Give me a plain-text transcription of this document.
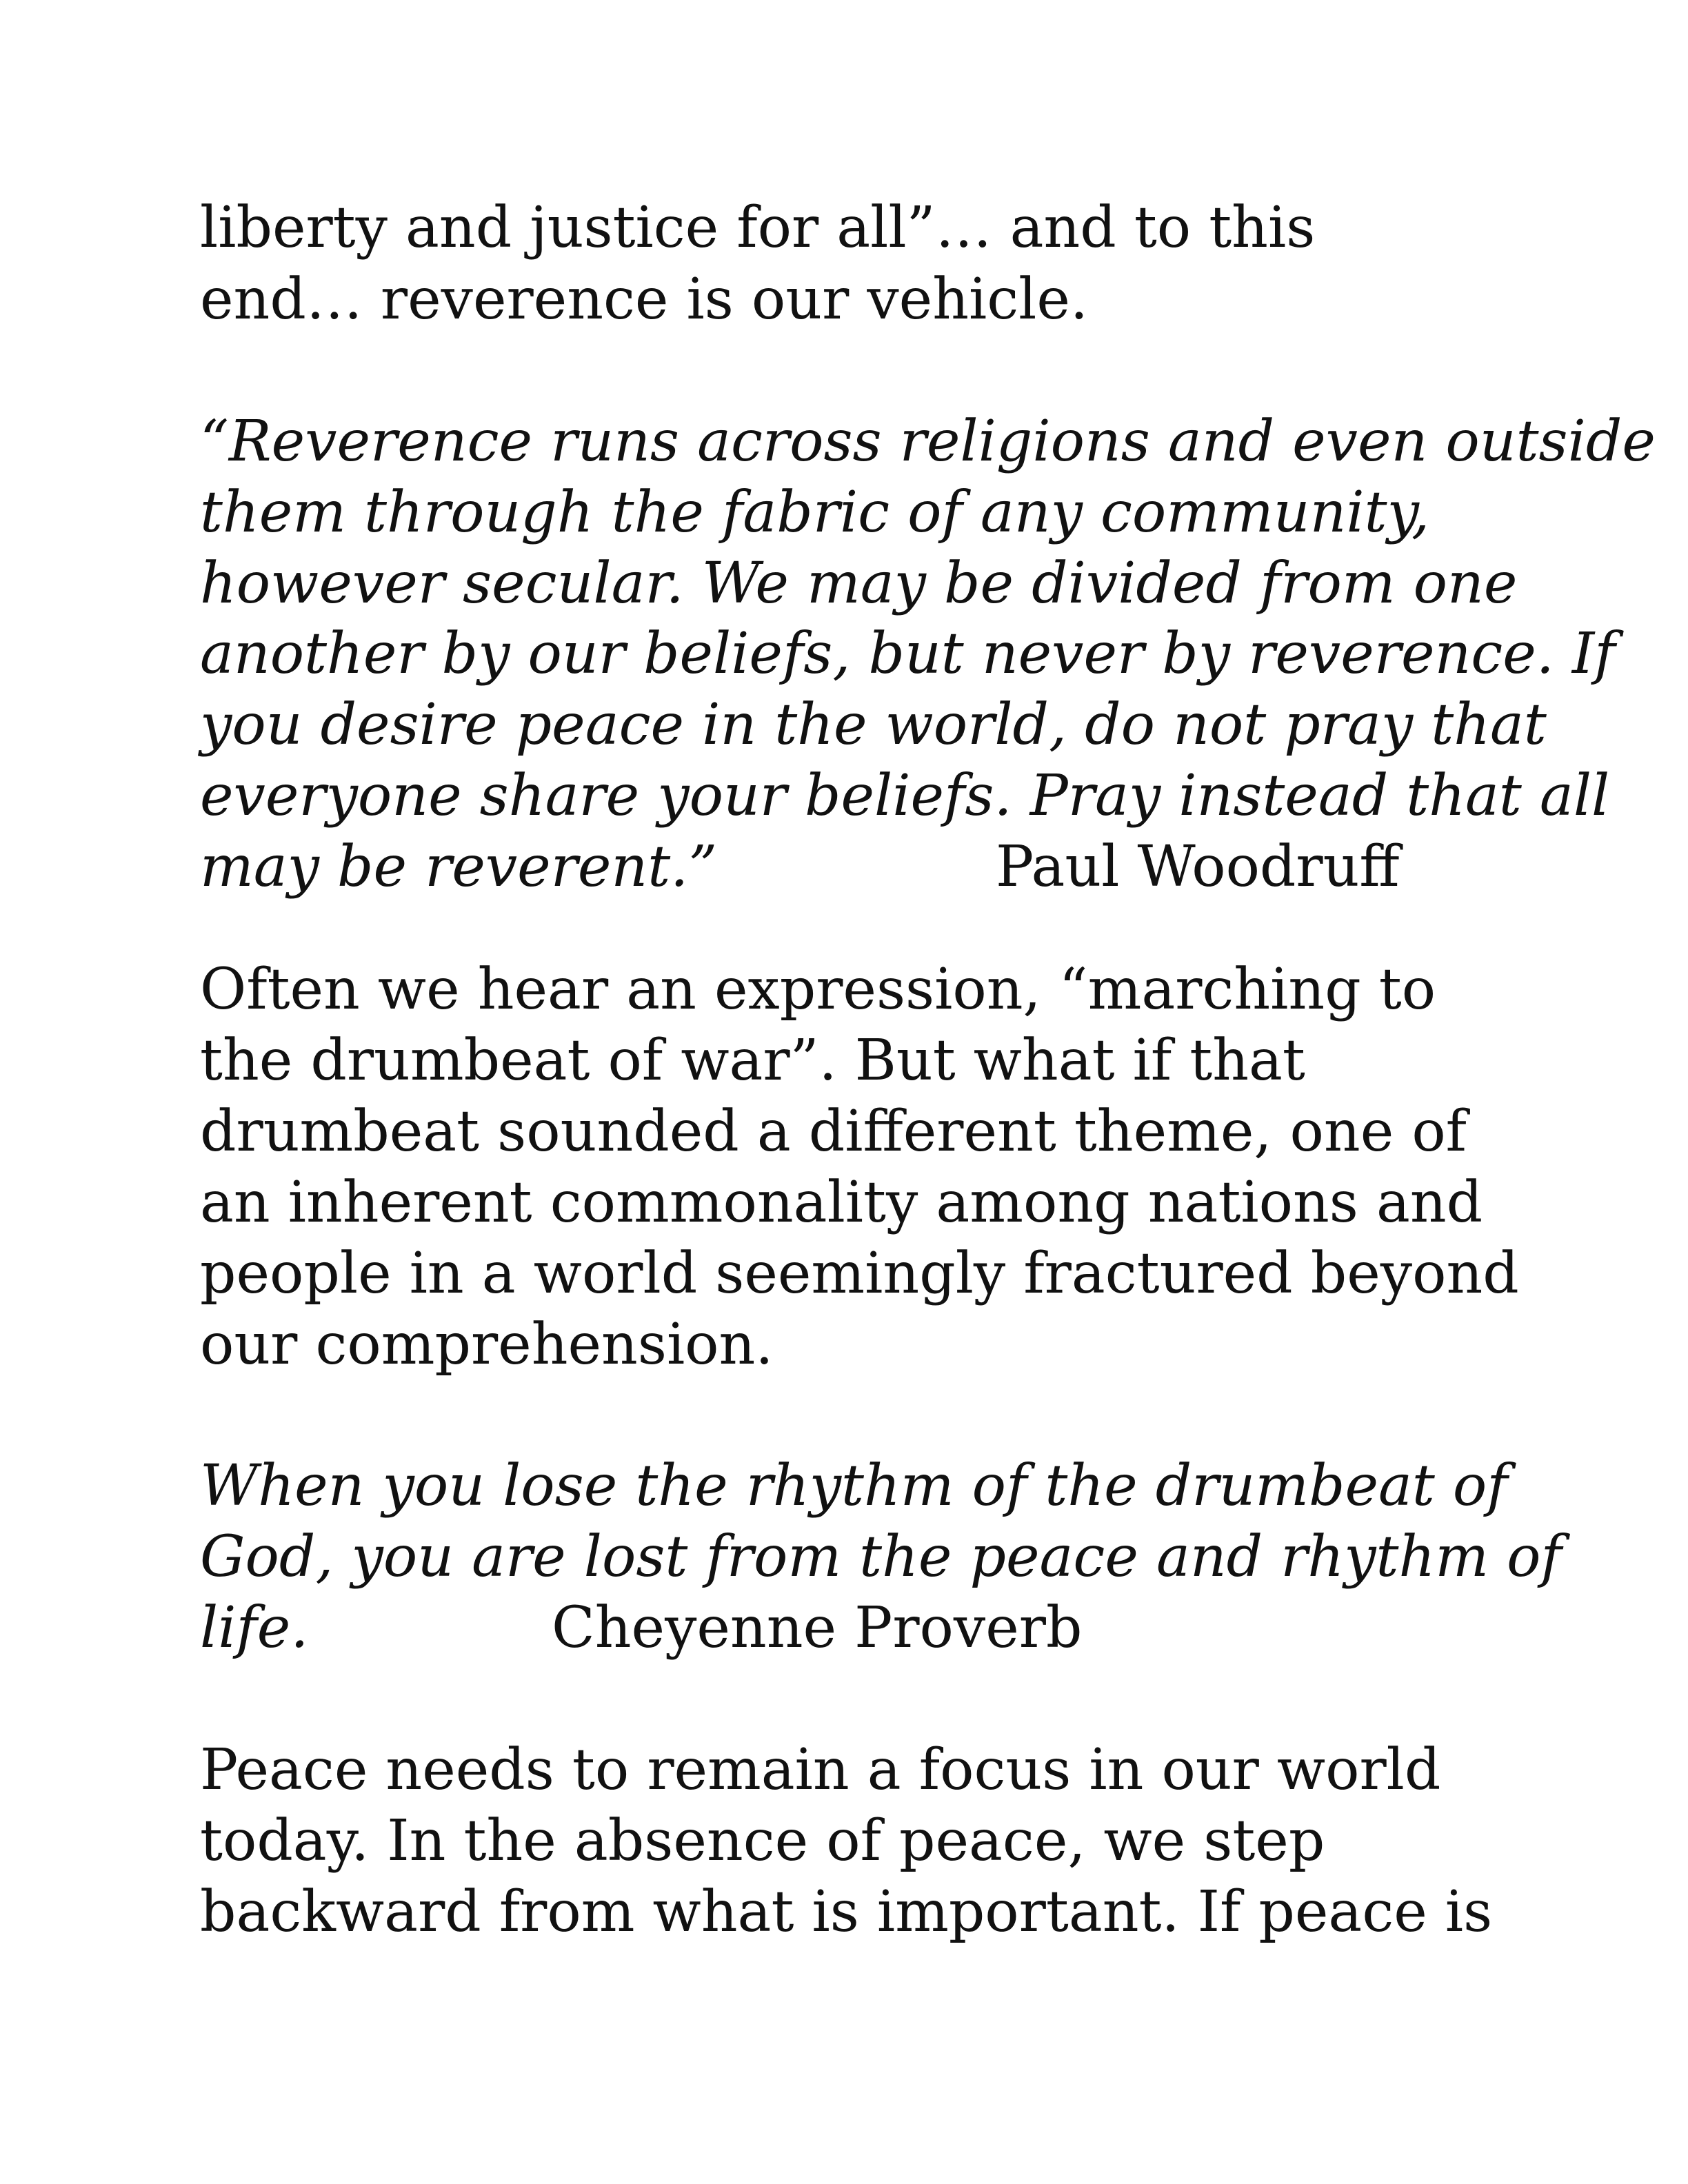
liberty and justice for all”… and to this
end… reverence is our vehicle.
“Reverence runs across religions and even outside
them through the fabric of any community,
however secular. We may be divided from one
another by our beliefs, but never by reverence. If
you desire peace in the world, do not pray that
everyone share your beliefs. Pray instead that all
may be reverent.”	Paul Woodruff
Often we hear an expression, “marching to
the drumbeat of war”. But what if that
drumbeat sounded a different theme, one of
an inherent commonality among nations and
people in a world seemingly fractured beyond
our comprehension.
When you lose the rhythm of the drumbeat of
God, you are lost from the peace and rhythm of
life.	Cheyenne Proverb
Peace needs to remain a focus in our world
today. In the absence of peace, we step
backward from what is important. If peace is
